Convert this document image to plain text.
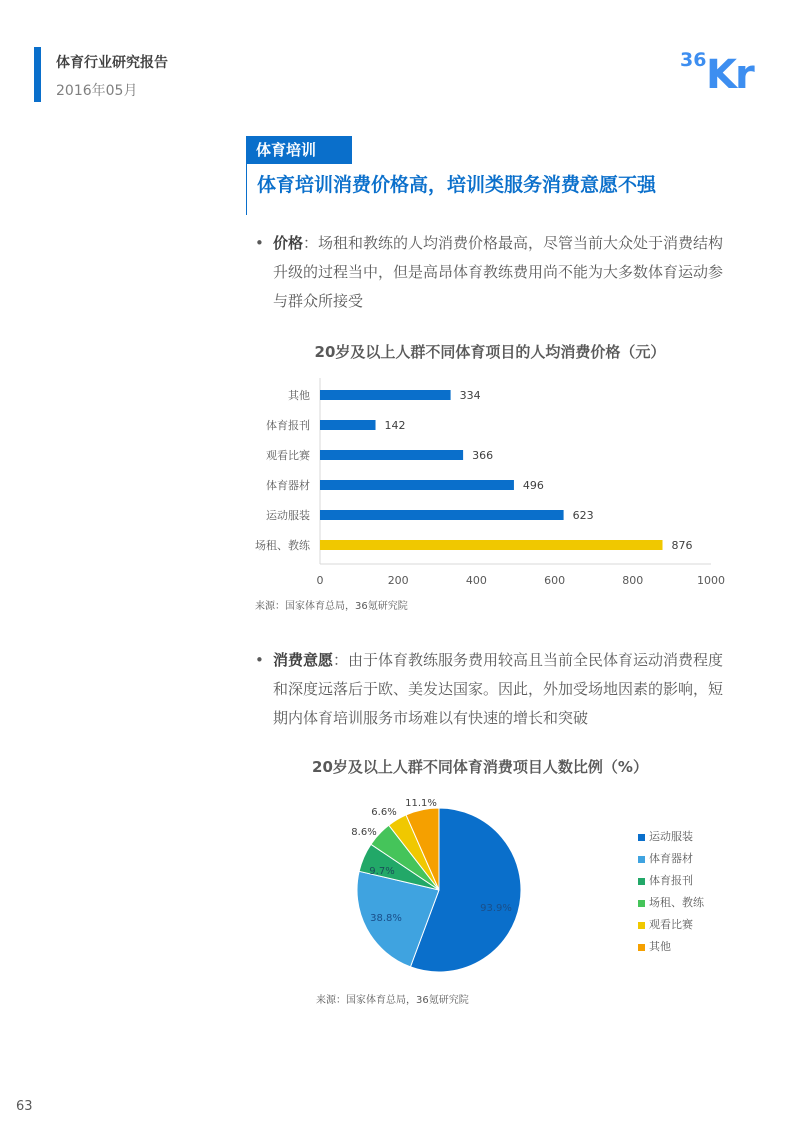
体育行业研究报告
2016年05月
36 Kr
体育培训
体育培训消费价格高，培训类服务消费意愿不强
• 价格：场租和教练的人均消费价格最高，尽管当前大众处于消费结构升级的过程当中，但是高昂体育教练费用尚不能为大多数体育运动参与群众所接受
20岁及以上人群不同体育项目的人均消费价格（元）
其他	334
体育报刊	142
观看比赛	366
体育器材	496
运动服装	623
场租、教练	876
0	200	400	600	800	1000
来源：国家体育总局，36氪研究院
• 消费意愿：由于体育教练服务费用较高且当前全民体育运动消费程度和深度远落后于欧、美发达国家。因此，外加受场地因素的影响，短期内体育培训服务市场难以有快速的增长和突破
20岁及以上人群不同体育消费项目人数比例（%）
93.9%
38.8%
9.7%
8.6%
6.6%
11.1%
运动服装
体育器材
体育报刊
场租、教练
观看比赛
其他
来源：国家体育总局，36氪研究院
63
